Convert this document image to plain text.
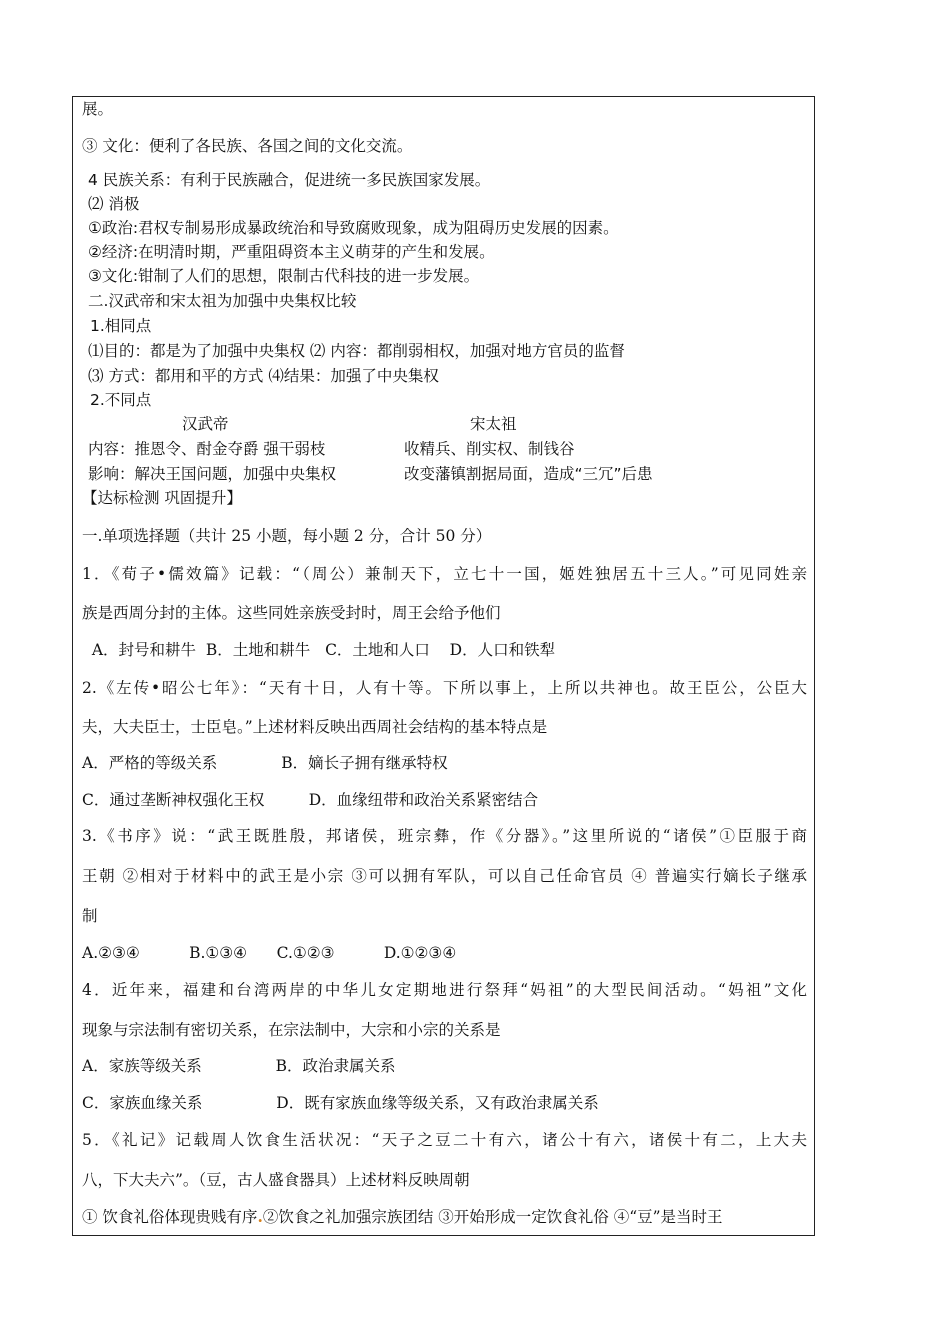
展。
③ 文化：便利了各民族、各国之间的文化交流。
4 民族关系：有利于民族融合，促进统一多民族国家发展。
⑵ 消极
①政治:君权专制易形成暴政统治和导致腐败现象，成为阻碍历史发展的因素。
②经济:在明清时期，严重阻碍资本主义萌芽的产生和发展。
③文化:钳制了人们的思想，限制古代科技的进一步发展。
二.汉武帝和宋太祖为加强中央集权比较
1.相同点
⑴目的：都是为了加强中央集权 ⑵ 内容：都削弱相权，加强对地方官员的监督
⑶ 方式：都用和平的方式 ⑷结果：加强了中央集权
2.不同点
汉武帝	宋太祖
内容：推恩令、酎金夺爵 强干弱枝	收精兵、削实权、制钱谷
影响：解决王国问题，加强中央集权	改变藩镇割据局面，造成“三冗”后患
【达标检测 巩固提升】
一.单项选择题（共计 25 小题，每小题 2 分，合计 50 分）
1．《荀子•儒效篇》记载：“（周公）兼制天下，立七十一国，姬姓独居五十三人。”可见同姓亲
族是西周分封的主体。这些同姓亲族受封时，周王会给予他们
A．封号和耕牛  B．土地和耕牛   C．土地和人口    D．人口和铁犁
2.《左传•昭公七年》：“天有十日，人有十等。下所以事上，上所以共神也。故王臣公，公臣大
夫，大夫臣士，士臣皂。”上述材料反映出西周社会结构的基本特点是
A．严格的等级关系             B．嫡长子拥有继承特权
C．通过垄断神权强化王权         D．血缘纽带和政治关系紧密结合
3.《书序》说：“武王既胜殷，邦诸侯，班宗彝，作《分器》。”这里所说的“诸侯”①臣服于商
王朝 ②相对于材料中的武王是小宗 ③可以拥有军队，可以自己任命官员 ④ 普遍实行嫡长子继承
制
A.②③④          B.①③④      C.①②③          D.①②③④
4．近年来，福建和台湾两岸的中华儿女定期地进行祭拜“妈祖”的大型民间活动。“妈祖”文化
现象与宗法制有密切关系，在宗法制中，大宗和小宗的关系是
A．家族等级关系               B．政治隶属关系
C．家族血缘关系               D．既有家族血缘等级关系，又有政治隶属关系
5．《礼记》记载周人饮食生活状况：“天子之豆二十有六，诸公十有六，诸侯十有二，上大夫
八，下大夫六”。（豆，古人盛食器具）上述材料反映周朝
① 饮食礼俗体现贵贱有序.②饮食之礼加强宗族团结 ③开始形成一定饮食礼俗 ④“豆”是当时王
